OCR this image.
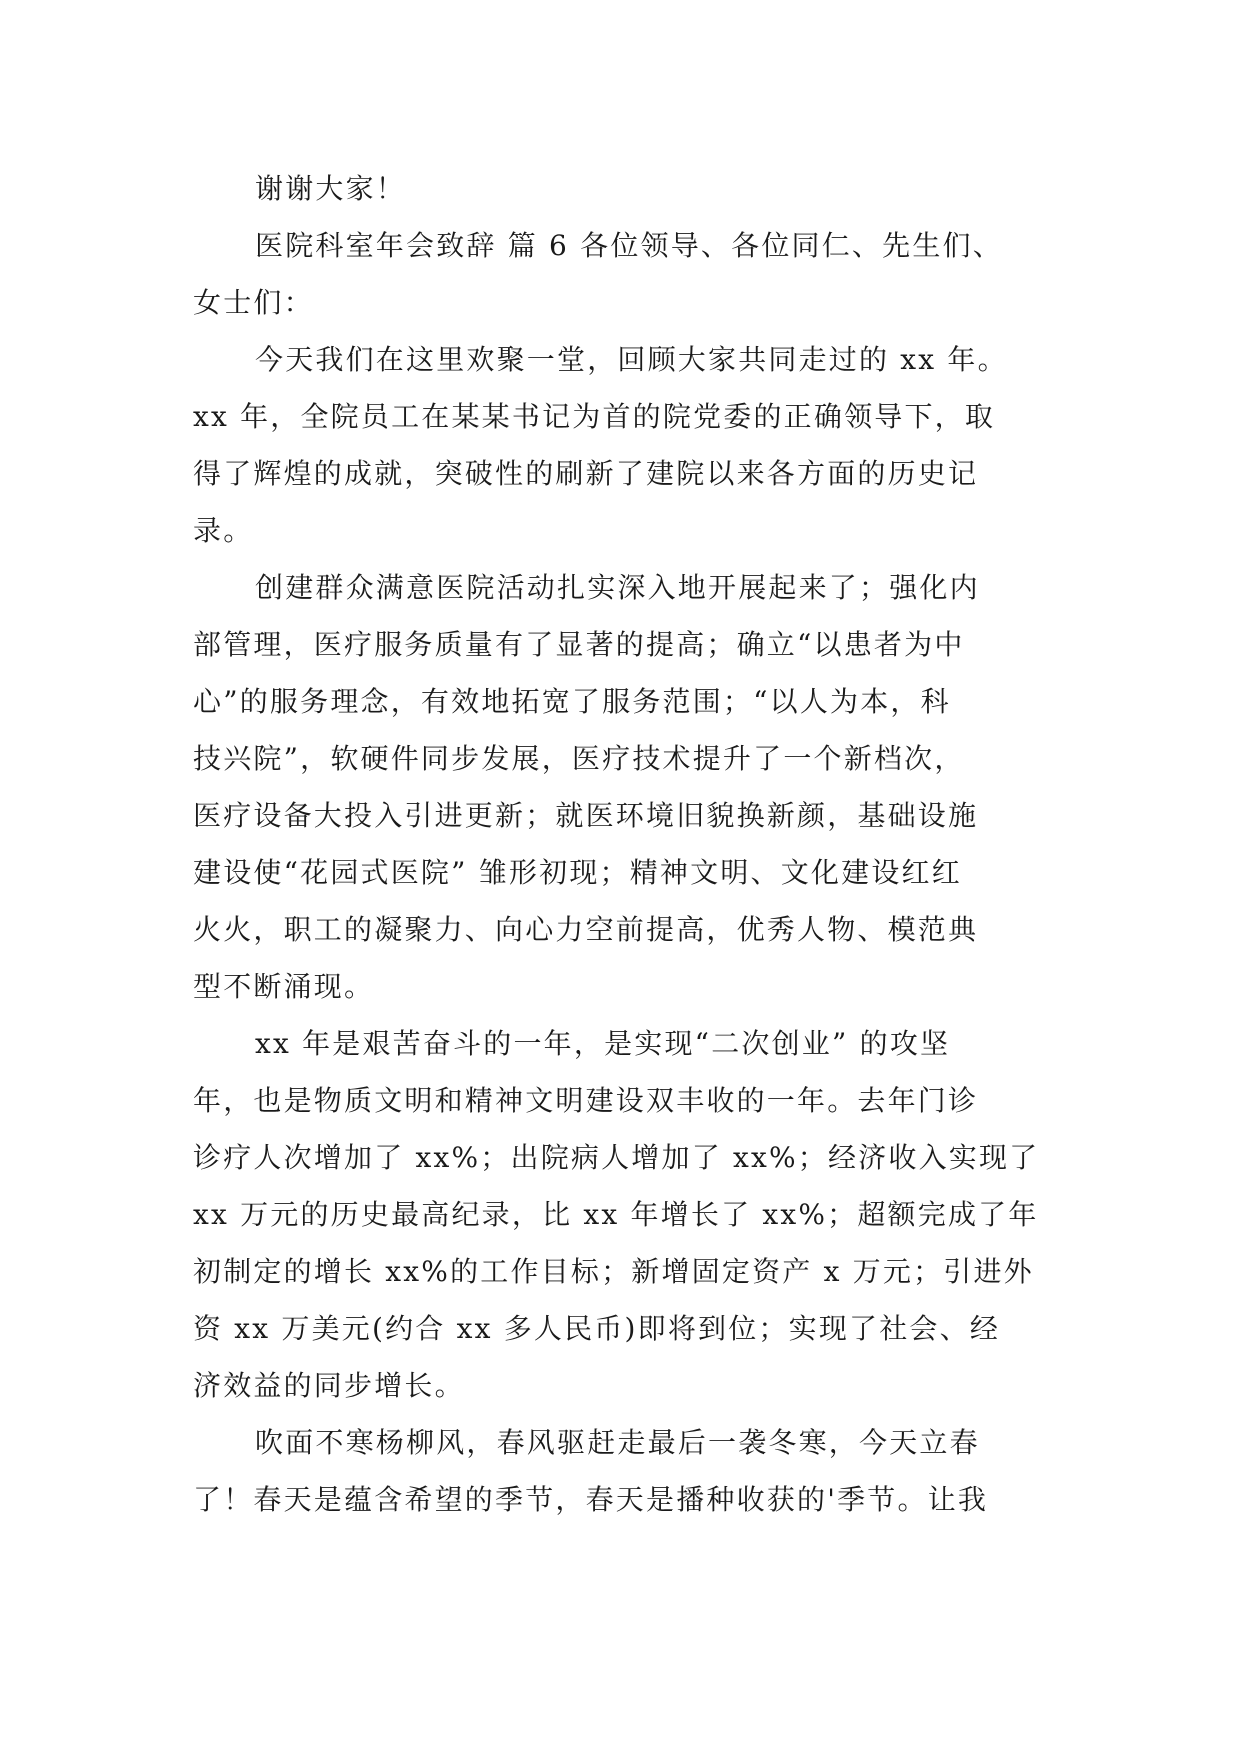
谢谢大家！
医院科室年会致辞 篇 6 各位领导、各位同仁、先生们、
女士们：
今天我们在这里欢聚一堂，回顾大家共同走过的 xx 年。
xx 年，全院员工在某某书记为首的院党委的正确领导下，取
得了辉煌的成就，突破性的刷新了建院以来各方面的历史记
录。
创建群众满意医院活动扎实深入地开展起来了；强化内
部管理，医疗服务质量有了显著的提高；确立“以患者为中
心”的服务理念，有效地拓宽了服务范围；“以人为本，科
技兴院”，软硬件同步发展，医疗技术提升了一个新档次，
医疗设备大投入引进更新；就医环境旧貌换新颜，基础设施
建设使“花园式医院” 雏形初现；精神文明、文化建设红红
火火，职工的凝聚力、向心力空前提高，优秀人物、模范典
型不断涌现。
xx 年是艰苦奋斗的一年，是实现“二次创业” 的攻坚
年，也是物质文明和精神文明建设双丰收的一年。去年门诊
诊疗人次增加了 xx%；出院病人增加了 xx%；经济收入实现了
xx 万元的历史最高纪录，比 xx 年增长了 xx%；超额完成了年
初制定的增长 xx%的工作目标；新增固定资产 x 万元；引进外
资 xx 万美元(约合 xx 多人民币)即将到位；实现了社会、经
济效益的同步增长。
吹面不寒杨柳风，春风驱赶走最后一袭冬寒，今天立春
了！春天是蕴含希望的季节，春天是播种收获的'季节。让我
